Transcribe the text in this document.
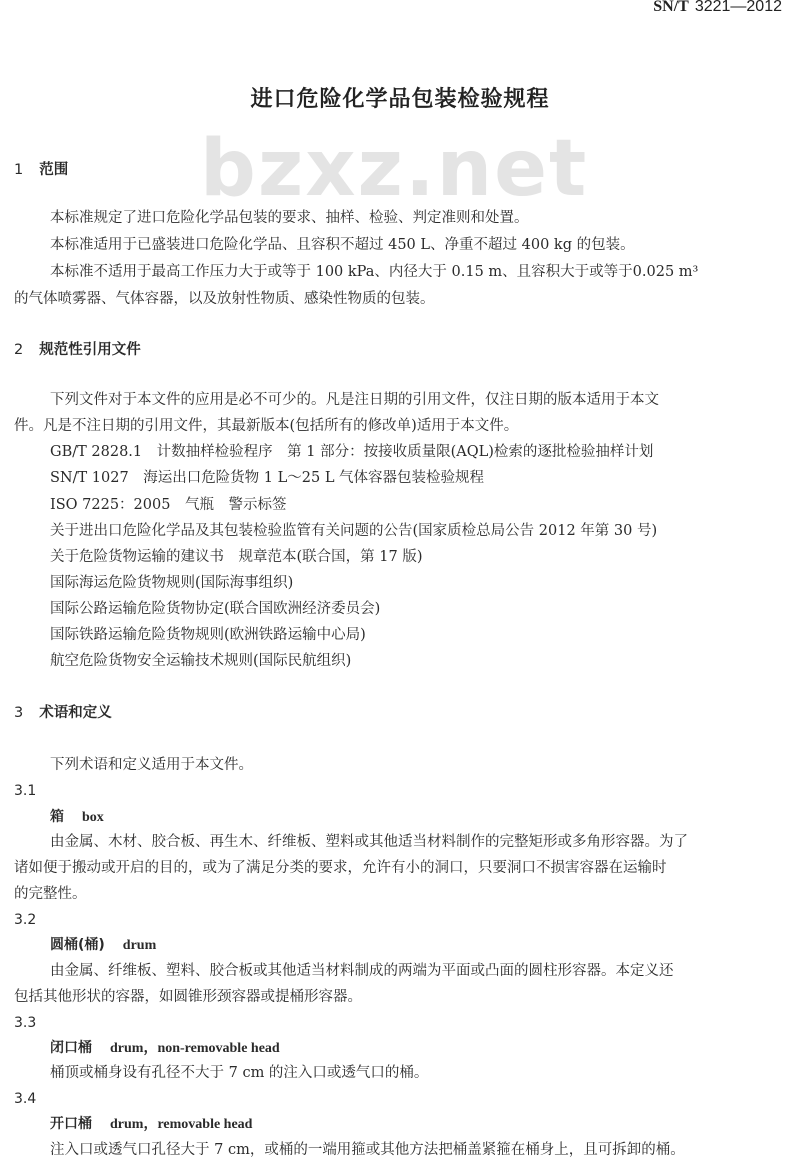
SN/T 3221—2012
进口危险化学品包装检验规程
bzxz.net
1 范围
本标准规定了进口危险化学品包装的要求、抽样、检验、判定准则和处置。
本标准适用于已盛装进口危险化学品、且容积不超过 450 L、净重不超过 400 kg 的包装。
本标准不适用于最高工作压力大于或等于 100 kPa、内径大于 0.15 m、且容积大于或等于0.025 m³
的气体喷雾器、气体容器，以及放射性物质、感染性物质的包装。
2 规范性引用文件
下列文件对于本文件的应用是必不可少的。凡是注日期的引用文件，仅注日期的版本适用于本文
件。凡是不注日期的引用文件，其最新版本(包括所有的修改单)适用于本文件。
GB/T 2828.1　计数抽样检验程序　第 1 部分：按接收质量限(AQL)检索的逐批检验抽样计划
SN/T 1027　海运出口危险货物 1 L～25 L 气体容器包装检验规程
ISO 7225：2005　气瓶　警示标签
关于进出口危险化学品及其包装检验监管有关问题的公告(国家质检总局公告 2012 年第 30 号)
关于危险货物运输的建议书　规章范本(联合国，第 17 版)
国际海运危险货物规则(国际海事组织)
国际公路运输危险货物协定(联合国欧洲经济委员会)
国际铁路运输危险货物规则(欧洲铁路运输中心局)
航空危险货物安全运输技术规则(国际民航组织)
3 术语和定义
下列术语和定义适用于本文件。
3.1
箱 box
由金属、木材、胶合板、再生木、纤维板、塑料或其他适当材料制作的完整矩形或多角形容器。为了
诸如便于搬动或开启的目的，或为了满足分类的要求，允许有小的洞口，只要洞口不损害容器在运输时
的完整性。
3.2
圆桶(桶) drum
由金属、纤维板、塑料、胶合板或其他适当材料制成的两端为平面或凸面的圆柱形容器。本定义还
包括其他形状的容器，如圆锥形颈容器或提桶形容器。
3.3
闭口桶 drum，non-removable head
桶顶或桶身设有孔径不大于 7 cm 的注入口或透气口的桶。
3.4
开口桶 drum，removable head
注入口或透气口孔径大于 7 cm，或桶的一端用箍或其他方法把桶盖紧箍在桶身上，且可拆卸的桶。
